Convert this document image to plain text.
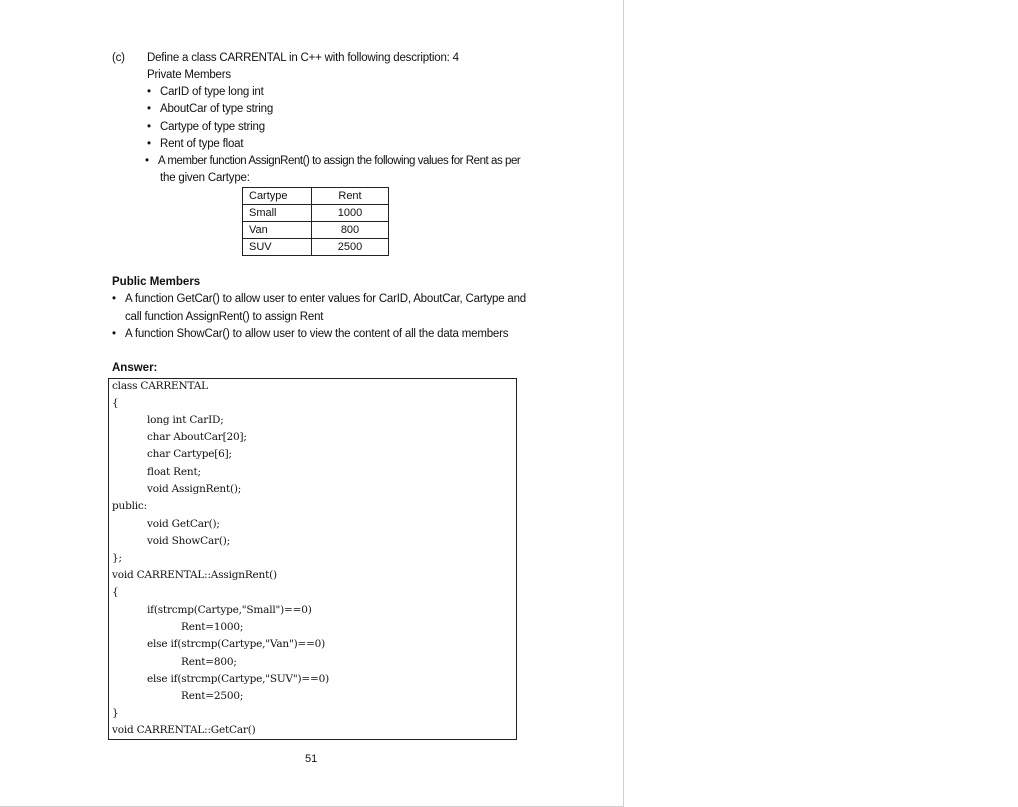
(c) Define a class CARRENTAL in C++ with following description: 4
Private Members
• CarID of type long int
• AboutCar of type string
• Cartype of type string
• Rent of type float
• A member function AssignRent() to assign the following values for Rent as per
the given Cartype:
Cartype	Rent
Small	1000
Van	800
SUV	2500
Public Members
• A function GetCar() to allow user to enter values for CarID, AboutCar, Cartype and
call function AssignRent() to assign Rent
• A function ShowCar() to allow user to view the content of all the data members
Answer:
class CARRENTAL
{
long int CarID;
char AboutCar[20];
char Cartype[6];
float Rent;
void AssignRent();
public:
void GetCar();
void ShowCar();
};
void CARRENTAL::AssignRent()
{
if(strcmp(Cartype,"Small")==0)
Rent=1000;
else if(strcmp(Cartype,"Van")==0)
Rent=800;
else if(strcmp(Cartype,"SUV")==0)
Rent=2500;
}
void CARRENTAL::GetCar()
51
